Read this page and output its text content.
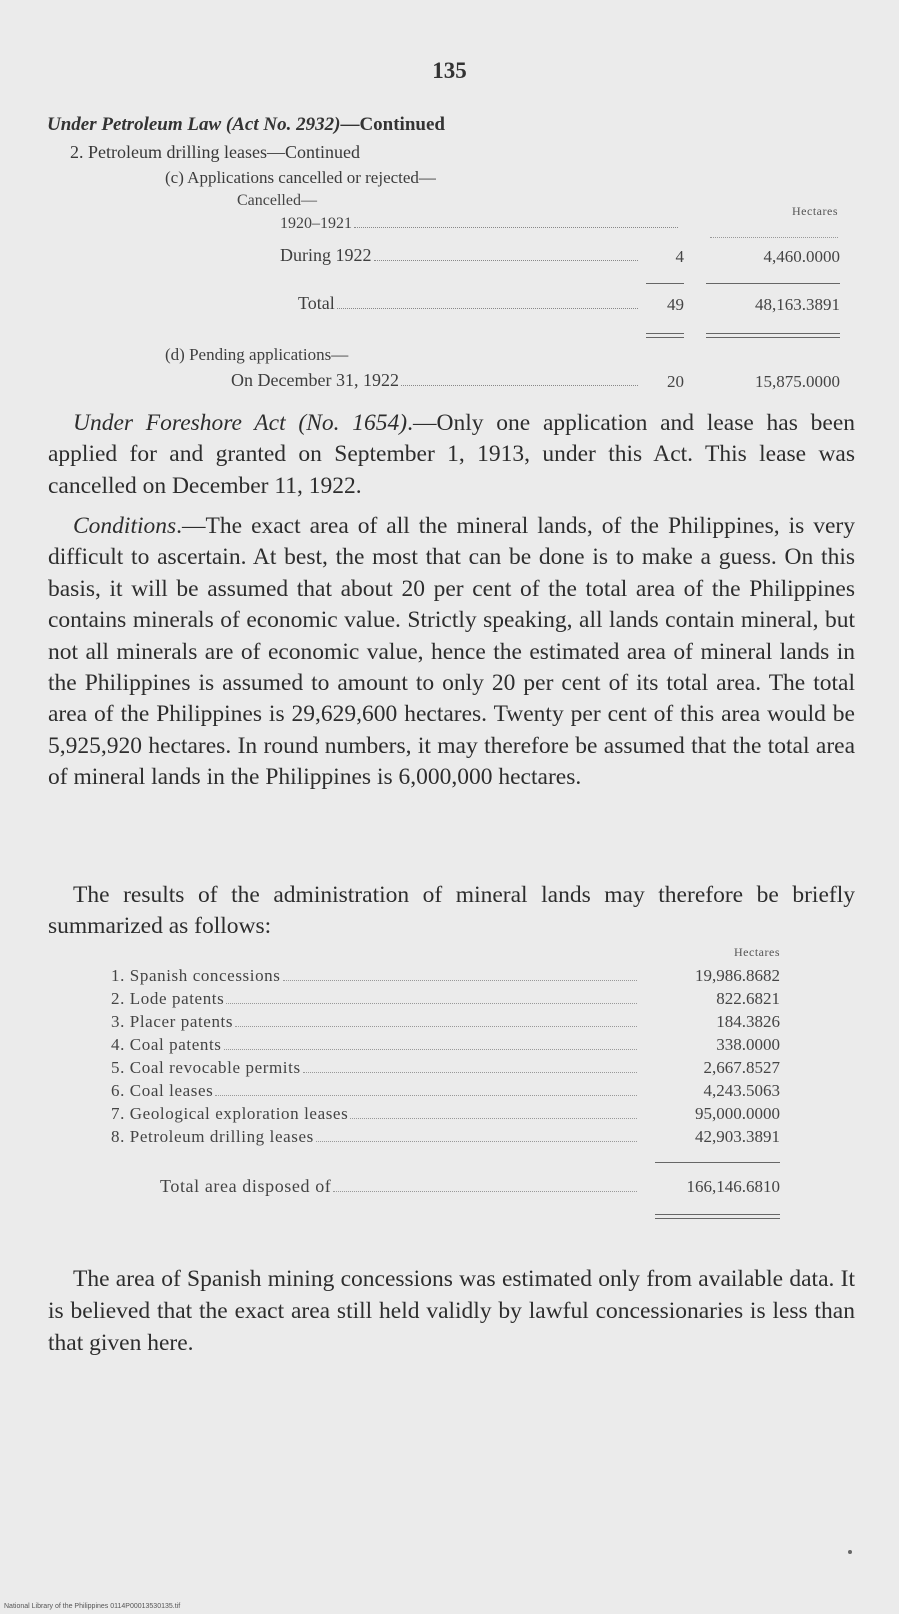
135
Under Petroleum Law (Act No. 2932)—Continued
2. Petroleum drilling leases—Continued
(c) Applications cancelled or rejected—
Cancelled—
Hectares
1920–1921
During 1922	4	4,460.0000
Total	49	48,163.3891
(d) Pending applications—
On December 31, 1922	20	15,875.0000
Under Foreshore Act (No. 1654).—Only one application and lease has been applied for and granted on September 1, 1913, under this Act. This lease was cancelled on December 11, 1922.
Conditions.—The exact area of all the mineral lands, of the Philippines, is very difficult to ascertain. At best, the most that can be done is to make a guess. On this basis, it will be assumed that about 20 per cent of the total area of the Philippines contains minerals of economic value. Strictly speaking, all lands contain mineral, but not all minerals are of economic value, hence the estimated area of mineral lands in the Philippines is assumed to amount to only 20 per cent of its total area. The total area of the Philippines is 29,629,600 hectares. Twenty per cent of this area would be 5,925,920 hectares. In round numbers, it may therefore be assumed that the total area of mineral lands in the Philippines is 6,000,000 hectares.
The results of the administration of mineral lands may therefore be briefly summarized as follows:
Hectares
1. Spanish concessions	19,986.8682
2. Lode patents	822.6821
3. Placer patents	184.3826
4. Coal patents	338.0000
5. Coal revocable permits	2,667.8527
6. Coal leases	4,243.5063
7. Geological exploration leases	95,000.0000
8. Petroleum drilling leases	42,903.3891
Total area disposed of	166,146.6810
The area of Spanish mining concessions was estimated only from available data. It is believed that the exact area still held validly by lawful concessionaries is less than that given here.
National Library of the Philippines 0114P00013530135.tif
